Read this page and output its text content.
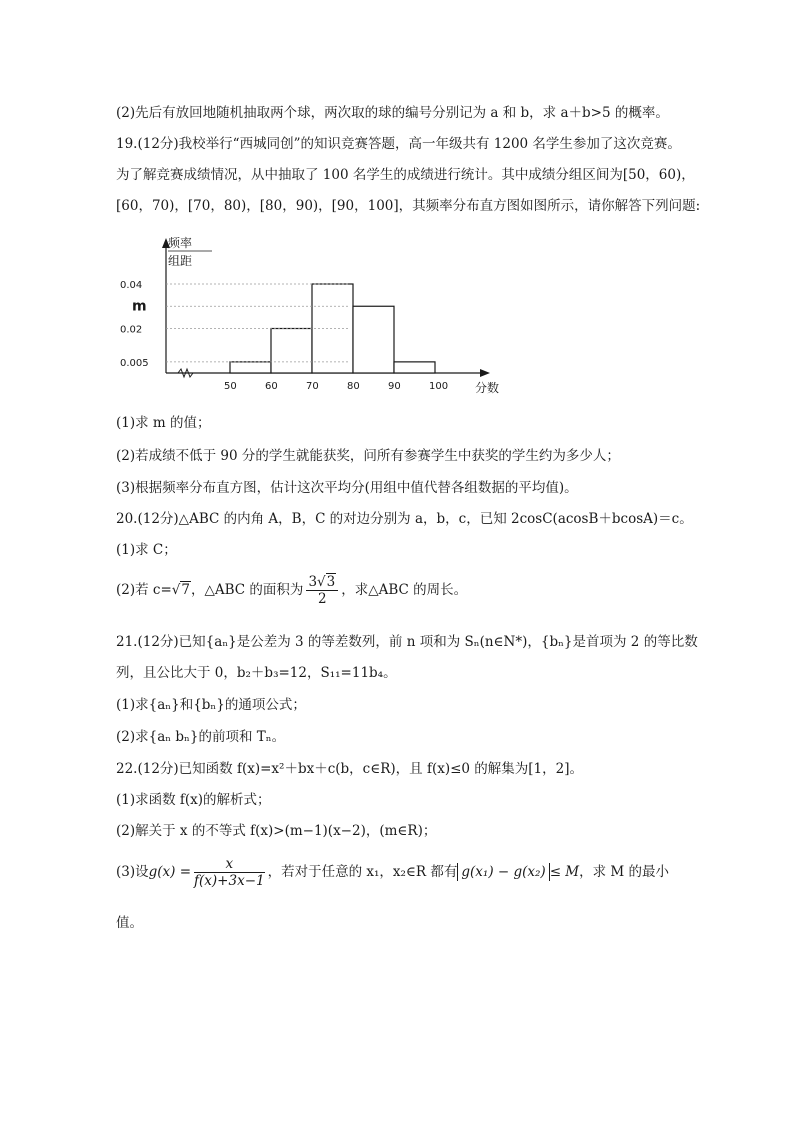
(2)先后有放回地随机抽取两个球，两次取的球的编号分别记为 a 和 b，求 a＋b>5 的概率。
19.(12分)我校举行“西城同创”的知识竞赛答题，高一年级共有 1200 名学生参加了这次竞赛。
为了解竞赛成绩情况，从中抽取了 100 名学生的成绩进行统计。其中成绩分组区间为[50，60)，
[60，70)，[70，80)，[80，90)，[90，100]，其频率分布直方图如图所示，请你解答下列问题:
0.04
m
0.02
0.005
50	60	70	80	90	100
频率
组距
分数
(1)求 m 的值；
(2)若成绩不低于 90 分的学生就能获奖，问所有参赛学生中获奖的学生约为多少人；
(3)根据频率分布直方图，估计这次平均分(用组中值代替各组数据的平均值)。
20.(12分)△ABC 的内角 A，B，C 的对边分别为 a，b，c，已知 2cosC(acosB＋bcosA)＝c。
(1)求 C；
(2)若 c=√7，△ABC 的面积为 $\frac{3√3}{2}$ ，求△ABC 的周长。
21.(12分)已知{aₙ}是公差为 3 的等差数列，前 n 项和为 Sₙ(n∈N*)，{bₙ}是首项为 2 的等比数
列，且公比大于 0，b₂＋b₃=12，S₁₁=11b₄。
(1)求{aₙ}和{bₙ}的通项公式；
(2)求{aₙ bₙ}的前项和 Tₙ。
22.(12分)已知函数 f(x)=x²＋bx＋c(b，c∈R)，且 f(x)≤0 的解集为[1，2]。
(1)求函数 f(x)的解析式；
(2)解关于 x 的不等式 f(x)>(m−1)(x−2)，(m∈R)；
(3)设$g(x) = \frac{x}{f(x)+3x-1}$ ，若对于任意的 x₁，x₂∈R 都有 g(x₁) − g(x₂) ≤ M，求 M 的最小
值。
